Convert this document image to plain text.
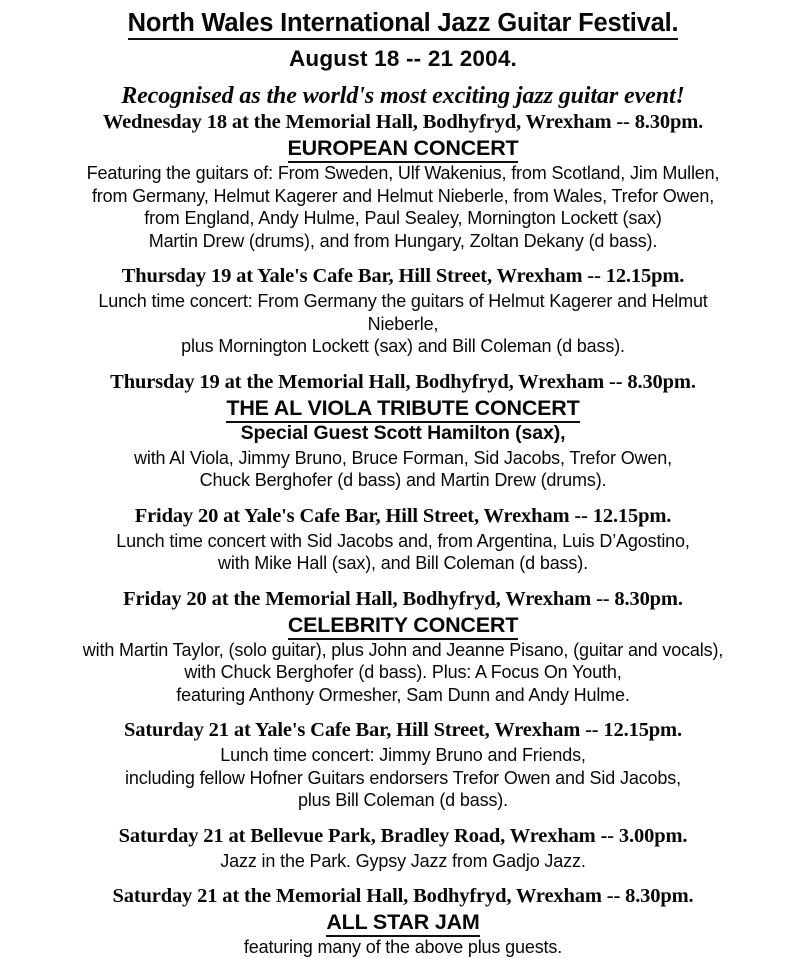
North Wales International Jazz Guitar Festival.
August 18 -- 21 2004.
Recognised as the world's most exciting jazz guitar event!
Wednesday 18 at the Memorial Hall, Bodhyfryd, Wrexham -- 8.30pm.
EUROPEAN CONCERT
Featuring the guitars of: From Sweden, Ulf Wakenius, from Scotland, Jim Mullen,
from Germany, Helmut Kagerer and Helmut Nieberle, from Wales, Trefor Owen,
from England, Andy Hulme, Paul Sealey, Mornington Lockett (sax)
Martin Drew (drums), and from Hungary, Zoltan Dekany (d bass).
Thursday 19 at Yale's Cafe Bar, Hill Street, Wrexham -- 12.15pm.
Lunch time concert: From Germany the guitars of Helmut Kagerer and Helmut
Nieberle,
plus Mornington Lockett (sax) and Bill Coleman (d bass).
Thursday 19 at the Memorial Hall, Bodhyfryd, Wrexham -- 8.30pm.
THE AL VIOLA TRIBUTE CONCERT
Special Guest Scott Hamilton (sax),
with Al Viola, Jimmy Bruno, Bruce Forman, Sid Jacobs, Trefor Owen,
Chuck Berghofer (d bass) and Martin Drew (drums).
Friday 20 at Yale's Cafe Bar, Hill Street, Wrexham -- 12.15pm.
Lunch time concert with Sid Jacobs and, from Argentina, Luis D’Agostino,
with Mike Hall (sax), and Bill Coleman (d bass).
Friday 20 at the Memorial Hall, Bodhyfryd, Wrexham -- 8.30pm.
CELEBRITY CONCERT
with Martin Taylor, (solo guitar), plus John and Jeanne Pisano, (guitar and vocals),
with Chuck Berghofer (d bass). Plus: A Focus On Youth,
featuring Anthony Ormesher, Sam Dunn and Andy Hulme.
Saturday 21 at Yale's Cafe Bar, Hill Street, Wrexham -- 12.15pm.
Lunch time concert: Jimmy Bruno and Friends,
including fellow Hofner Guitars endorsers Trefor Owen and Sid Jacobs,
plus Bill Coleman (d bass).
Saturday 21 at Bellevue Park, Bradley Road, Wrexham -- 3.00pm.
Jazz in the Park. Gypsy Jazz from Gadjo Jazz.
Saturday 21 at the Memorial Hall, Bodhyfryd, Wrexham -- 8.30pm.
ALL STAR JAM
featuring many of the above plus guests.
